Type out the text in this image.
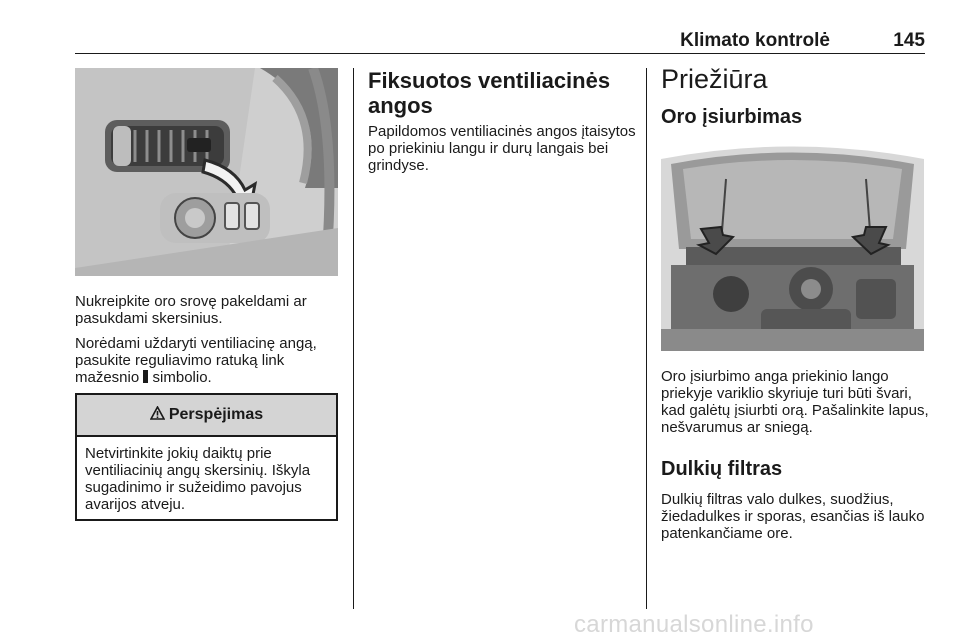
Klimato kontrolė	145

Nukreipkite oro srovę pakeldami ar pasukdami skersinius.

Norėdami uždaryti ventiliacinę angą, pasukite reguliavimo ratuką link mažesnio  simbolio.

Perspėjimas
Netvirtinkite jokių daiktų prie ventiliacinių angų skersinių. Iškyla sugadinimo ir sužeidimo pavojus avarijos atveju.
Fiksuotos ventiliacinės angos

Papildomos ventiliacinės angos įtaisytos po priekiniu langu ir durų langais bei grindyse.

Priežiūra
Oro įsiurbimas

Oro įsiurbimo anga priekinio lango priekyje variklio skyriuje turi būti švari, kad galėtų įsiurbti orą. Pašalinkite lapus, nešvarumus ar sniegą.

Dulkių filtras

Dulkių filtras valo dulkes, suodžius, žiedadulkes ir sporas, esančias iš lauko patenkančiame ore.

carmanualsonline.info
